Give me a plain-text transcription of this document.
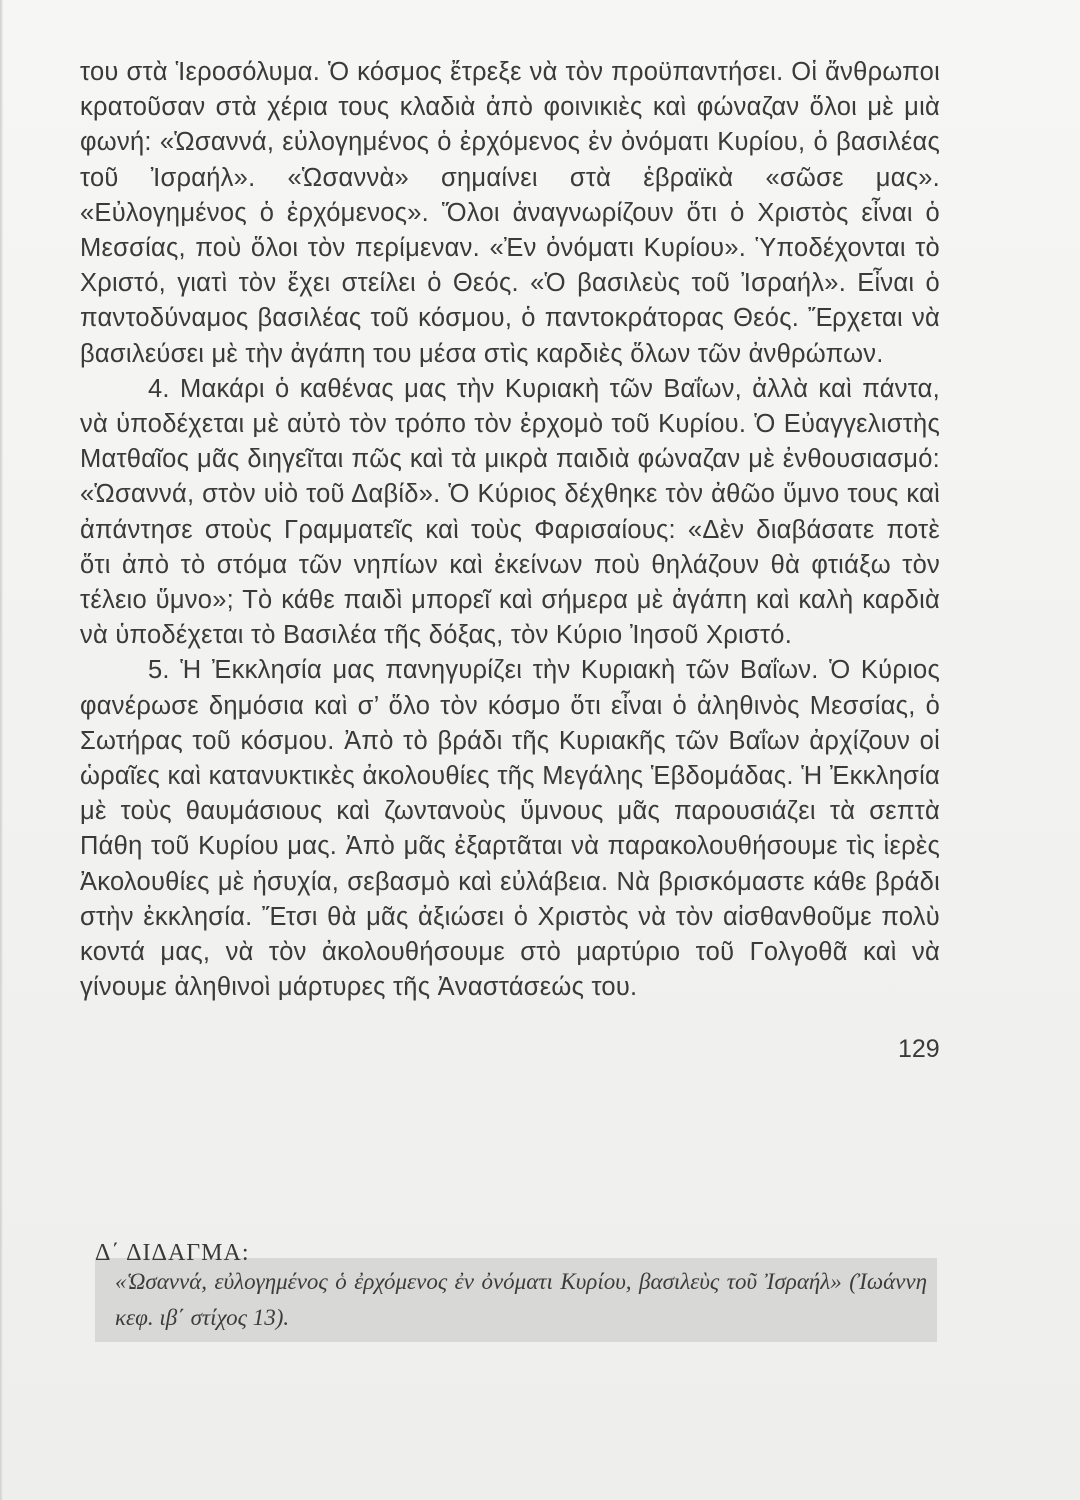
του στὰ Ἱεροσόλυμα. Ὁ κόσμος ἔτρεξε νὰ τὸν προϋπαντήσει. Οἱ ἄνθρωποι κρατοῦσαν στὰ χέρια τους κλαδιὰ ἀπὸ φοινικιὲς καὶ φώναζαν ὅλοι μὲ μιὰ φωνή: «Ὡσαννά, εὐλογημένος ὁ ἐρχόμενος ἐν ὀνόματι Κυρίου, ὁ βασιλέας τοῦ Ἰσραήλ». «Ὡσαννὰ» σημαίνει στὰ ἑβραϊκὰ «σῶσε μας». «Εὐλογημένος ὁ ἐρχόμενος». Ὅλοι ἀναγνωρίζουν ὅτι ὁ Χριστὸς εἶναι ὁ Μεσσίας, ποὺ ὅλοι τὸν περίμεναν. «Ἐν ὀνόματι Κυρίου». Ὑποδέχονται τὸ Χριστό, γιατὶ τὸν ἔχει στείλει ὁ Θεός. «Ὁ βασιλεὺς τοῦ Ἰσραήλ». Εἶναι ὁ παντοδύναμος βασιλέας τοῦ κόσμου, ὁ παντοκράτορας Θεός. Ἔρχεται νὰ βασιλεύσει μὲ τὴν ἀγάπη του μέσα στὶς καρδιὲς ὅλων τῶν ἀνθρώπων.

4. Μακάρι ὁ καθένας μας τὴν Κυριακὴ τῶν Βαΐων, ἀλλὰ καὶ πάντα, νὰ ὑποδέχεται μὲ αὐτὸ τὸν τρόπο τὸν ἐρχομὸ τοῦ Κυρίου. Ὁ Εὐαγγελιστὴς Ματθαῖος μᾶς διηγεῖται πῶς καὶ τὰ μικρὰ παιδιὰ φώναζαν μὲ ἐνθουσιασμό: «Ὡσαννά, στὸν υἱὸ τοῦ Δαβίδ». Ὁ Κύριος δέχθηκε τὸν ἀθῶο ὕμνο τους καὶ ἀπάντησε στοὺς Γραμματεῖς καὶ τοὺς Φαρισαίους: «Δὲν διαβάσατε ποτὲ ὅτι ἀπὸ τὸ στόμα τῶν νηπίων καὶ ἐκείνων ποὺ θηλάζουν θὰ φτιάξω τὸν τέλειο ὕμνο»; Τὸ κάθε παιδὶ μπορεῖ καὶ σήμερα μὲ ἀγάπη καὶ καλὴ καρδιὰ νὰ ὑποδέχεται τὸ Βασιλέα τῆς δόξας, τὸν Κύριο Ἰησοῦ Χριστό.

5. Ἡ Ἐκκλησία μας πανηγυρίζει τὴν Κυριακὴ τῶν Βαΐων. Ὁ Κύριος φανέρωσε δημόσια καὶ σ’ ὅλο τὸν κόσμο ὅτι εἶναι ὁ ἀληθινὸς Μεσσίας, ὁ Σωτήρας τοῦ κόσμου. Ἀπὸ τὸ βράδι τῆς Κυριακῆς τῶν Βαΐων ἀρχίζουν οἱ ὡραῖες καὶ κατανυκτικὲς ἀκολουθίες τῆς Μεγάλης Ἑβδομάδας. Ἡ Ἐκκλησία μὲ τοὺς θαυμάσιους καὶ ζωντανοὺς ὕμνους μᾶς παρουσιάζει τὰ σεπτὰ Πάθη τοῦ Κυρίου μας. Ἀπὸ μᾶς ἐξαρτᾶται νὰ παρακολουθήσουμε τὶς ἱερὲς Ἀκολουθίες μὲ ἡσυχία, σεβασμὸ καὶ εὐλάβεια. Νὰ βρισκόμαστε κάθε βράδι στὴν ἐκκλησία. Ἔτσι θὰ μᾶς ἀξιώσει ὁ Χριστὸς νὰ τὸν αἰσθανθοῦμε πολὺ κοντά μας, νὰ τὸν ἀκολουθήσουμε στὸ μαρτύριο τοῦ Γολγοθᾶ καὶ νὰ γίνουμε ἀληθινοὶ μάρτυρες τῆς Ἀναστάσεώς του.

«Ὡσαννά, εὐλογημένος ὁ ἐρχόμενος ἐν ὀνόματι Κυρίου, βασιλεὺς τοῦ Ἰσραήλ» (Ἰωάννη κεφ. ιβ΄ στίχος 13).

Δ΄ ΔΙΔΑΓΜΑ:
129
